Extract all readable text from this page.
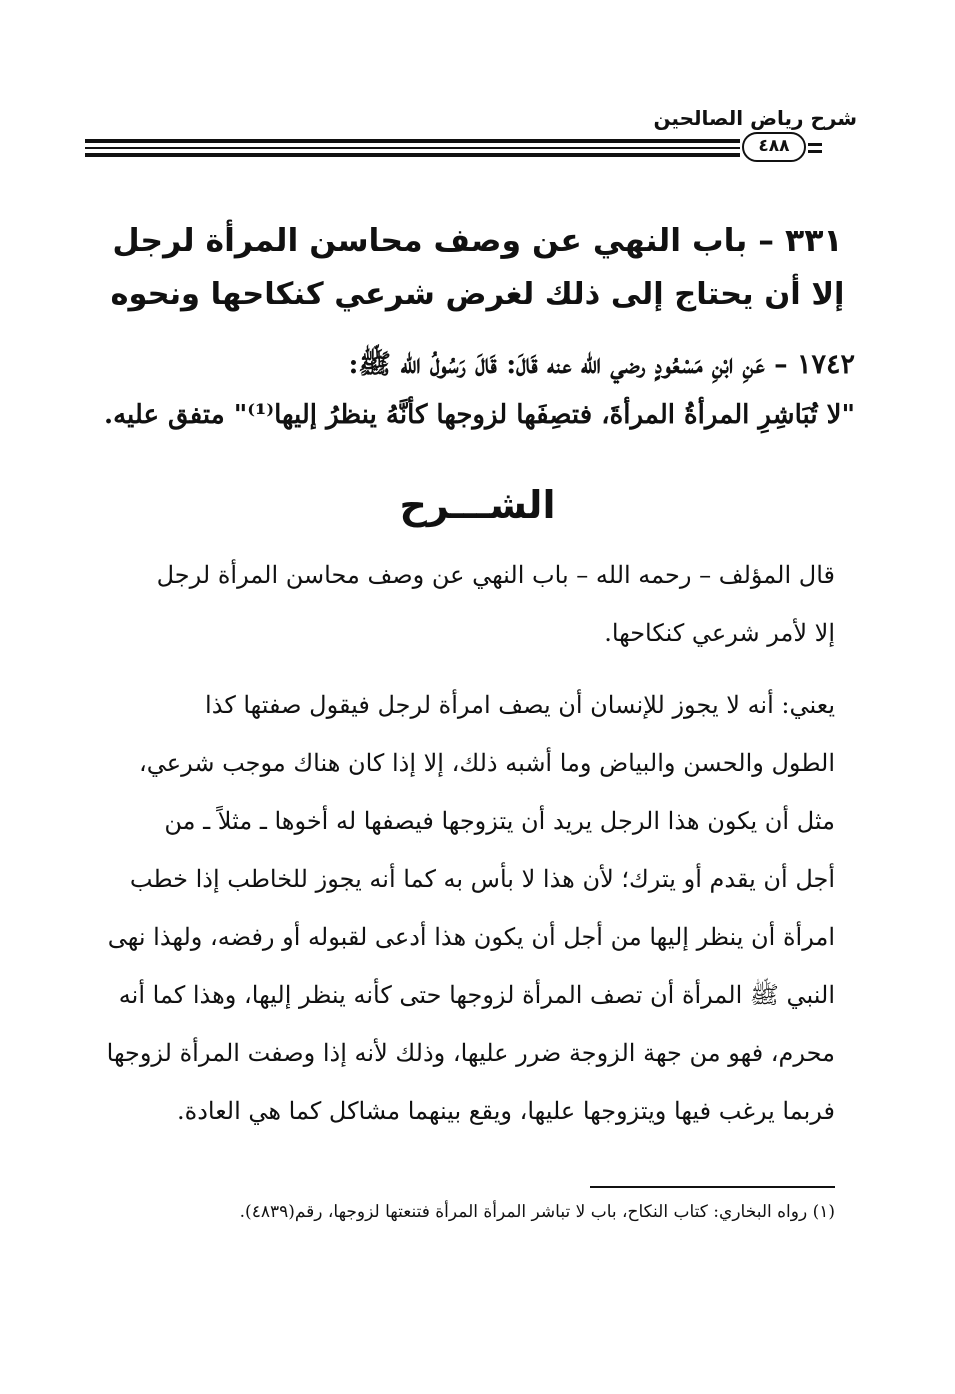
شرح رياض الصالحين
٤٨٨
٣٣١ – باب النهي عن وصف محاسن المرأة لرجل
إلا أن يحتاج إلى ذلك لغرض شرعي كنكاحها ونحوه
١٧٤٢ – عَنِ ابْنِ مَسْعُودٍ رضي الله عنه قَالَ: قَالَ رَسُولُ الله ﷺ:
"لا تُبَاشِرِ المرأةُ المرأةَ، فتصِفَها لزوجها كأنَّهُ ينظرُ إليها⁽¹⁾" متفق عليه.
الشـــرح
قال المؤلف – رحمه الله – باب النهي عن وصف محاسن المرأة لرجل
إلا لأمر شرعي كنكاحها.
يعني: أنه لا يجوز للإنسان أن يصف امرأة لرجل فيقول صفتها كذا
الطول والحسن والبياض وما أشبه ذلك، إلا إذا كان هناك موجب شرعي،
مثل أن يكون هذا الرجل يريد أن يتزوجها فيصفها له أخوها ـ مثلاً ـ من
أجل أن يقدم أو يترك؛ لأن هذا لا بأس به كما أنه يجوز للخاطب إذا خطب
امرأة أن ينظر إليها من أجل أن يكون هذا أدعى لقبوله أو رفضه، ولهذا نهى
النبي ﷺ المرأة أن تصف المرأة لزوجها حتى كأنه ينظر إليها، وهذا كما أنه
محرم، فهو من جهة الزوجة ضرر عليها، وذلك لأنه إذا وصفت المرأة لزوجها
فربما يرغب فيها ويتزوجها عليها، ويقع بينهما مشاكل كما هي العادة.
(١) رواه البخاري: كتاب النكاح، باب لا تباشر المرأة المرأة فتنعتها لزوجها، رقم(٤٨٣٩).
